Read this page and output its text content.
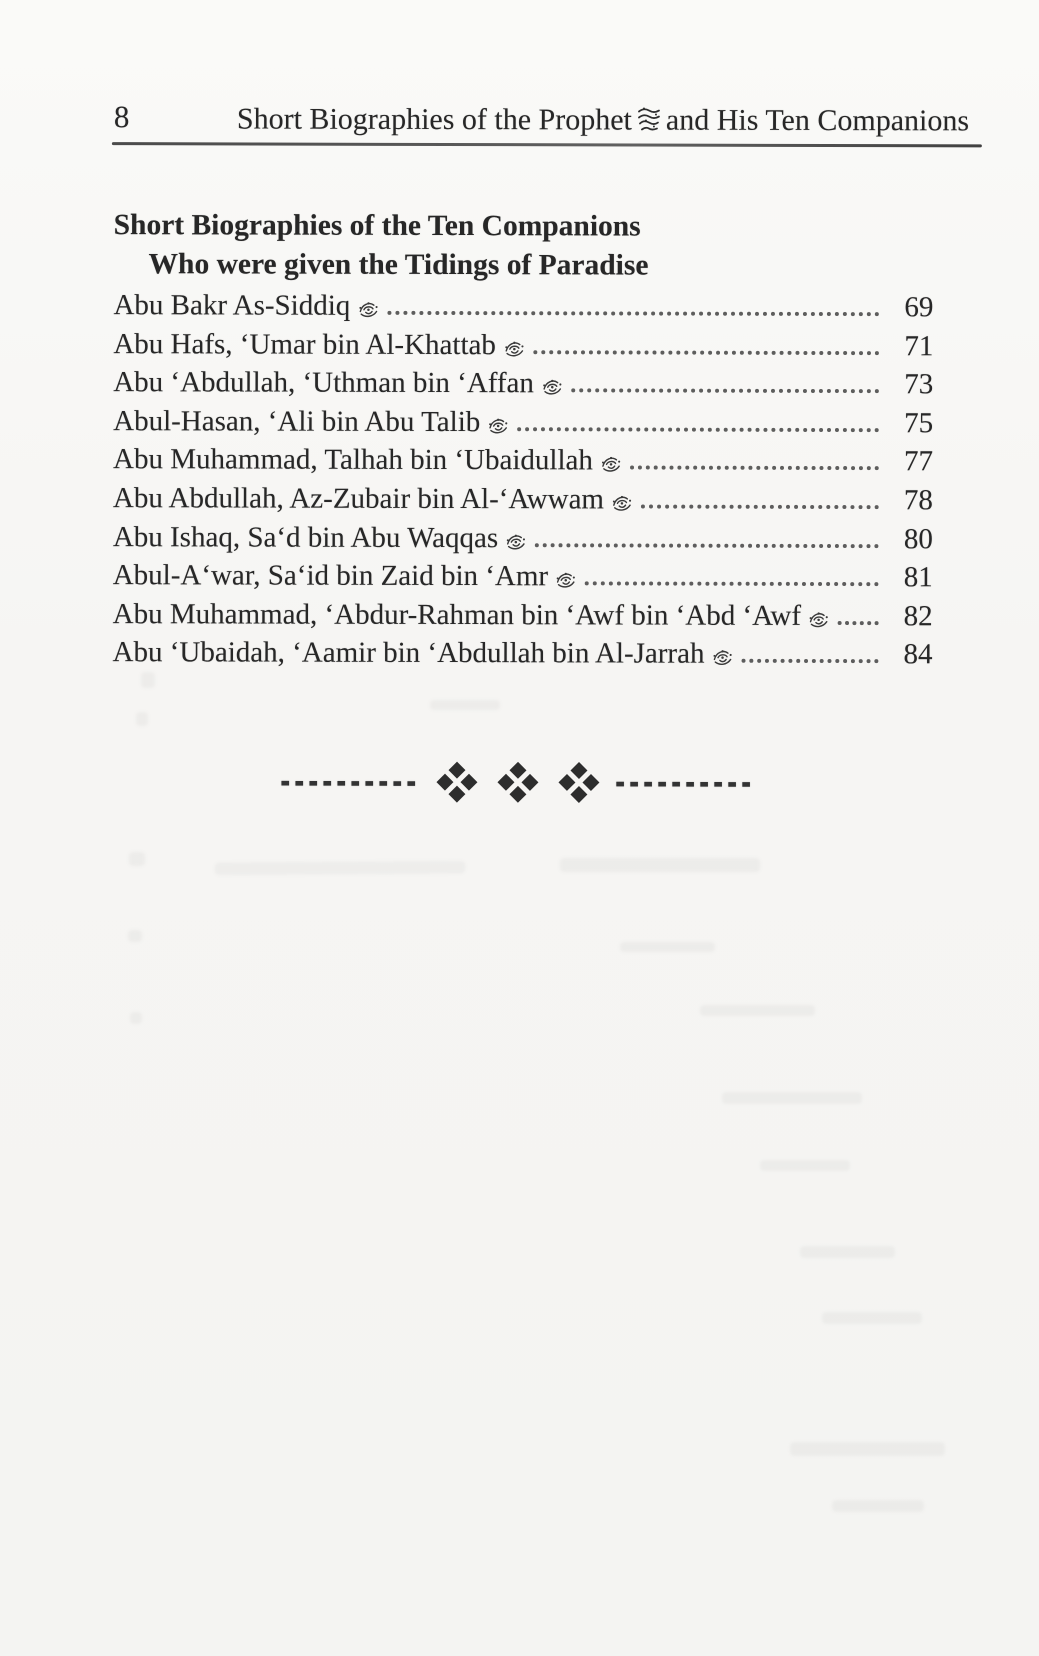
8	Short Biographies of the Prophet and His Ten Companions
Short Biographies of the Ten Companions
Who were given the Tidings of Paradise
Abu Bakr As-Siddiq	69
Abu Hafs, ‘Umar bin Al-Khattab	71
Abu ‘Abdullah, ‘Uthman bin ‘Affan	73
Abul-Hasan, ‘Ali bin Abu Talib	75
Abu Muhammad, Talhah bin ‘Ubaidullah	77
Abu Abdullah, Az-Zubair bin Al-‘Awwam	78
Abu Ishaq, Sa‘d bin Abu Waqqas	80
Abul-A‘war, Sa‘id bin Zaid bin ‘Amr	81
Abu Muhammad, ‘Abdur-Rahman bin ‘Awf bin ‘Abd ‘Awf	82
Abu ‘Ubaidah, ‘Aamir bin ‘Abdullah bin Al-Jarrah	84
----------	----------
